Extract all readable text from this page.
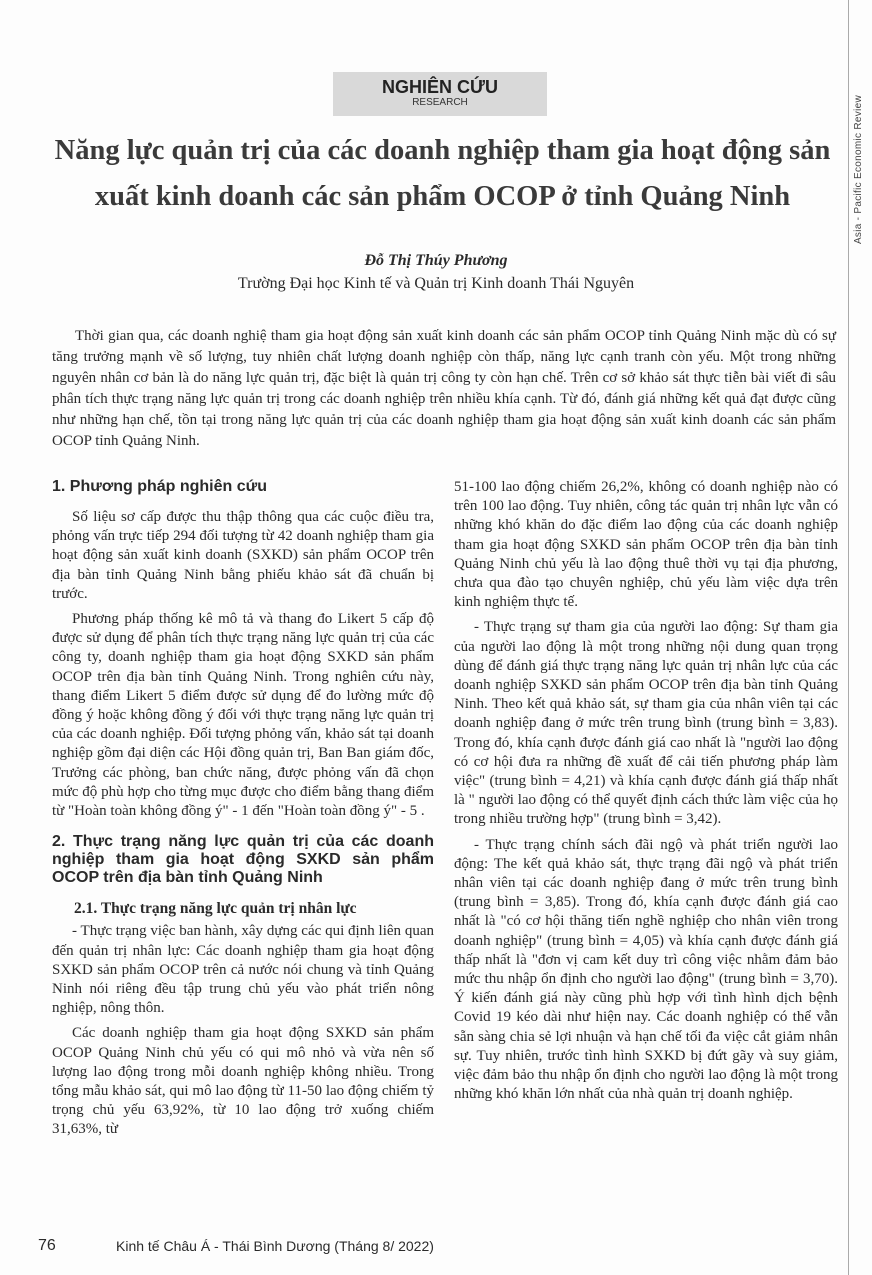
Asia - Pacific Economic Review
NGHIÊN CỨU
RESEARCH
Năng lực quản trị của các doanh nghiệp tham gia hoạt động sản xuất kinh doanh các sản phẩm OCOP ở tỉnh Quảng Ninh
Đỗ Thị Thúy Phương
Trường Đại học Kinh tế và Quản trị Kinh doanh Thái Nguyên

Thời gian qua, các doanh nghiệ tham gia hoạt động sản xuất kinh doanh các sản phẩm OCOP tỉnh Quảng Ninh mặc dù có sự tăng trưởng mạnh về số lượng, tuy nhiên chất lượng doanh nghiệp còn thấp, năng lực cạnh tranh còn yếu. Một trong những nguyên nhân cơ bản là do năng lực quản trị, đặc biệt là quản trị công ty còn hạn chế. Trên cơ sở khảo sát thực tiễn bài viết đi sâu phân tích thực trạng năng lực quản trị trong các doanh nghiệp trên nhiều khía cạnh. Từ đó, đánh giá những kết quả đạt được cũng như những hạn chế, tồn tại trong năng lực quản trị của các doanh nghiệp tham gia hoạt động sản xuất kinh doanh các sản phẩm OCOP tỉnh Quảng Ninh.

1. Phương pháp nghiên cứu

Số liệu sơ cấp được thu thập thông qua các cuộc điều tra, phỏng vấn trực tiếp 294 đối tượng từ 42 doanh nghiệp tham gia hoạt động sản xuất kinh doanh (SXKD) sản phẩm OCOP trên địa bàn tỉnh Quảng Ninh bằng phiếu khảo sát đã chuẩn bị trước.

Phương pháp thống kê mô tả và thang đo Likert 5 cấp độ được sử dụng để phân tích thực trạng năng lực quản trị của các công ty, doanh nghiệp tham gia hoạt động SXKD sản phẩm OCOP trên địa bàn tỉnh Quảng Ninh. Trong nghiên cứu này, thang điểm Likert 5 điểm được sử dụng để đo lường mức độ đồng ý hoặc không đồng ý đối với thực trạng năng lực quản trị của các doanh nghiệp. Đối tượng phỏng vấn, khảo sát tại doanh nghiệp gồm đại diện các Hội đồng quản trị, Ban Ban giám đốc, Trưởng các phòng, ban chức năng, được phỏng vấn đã chọn mức độ phù hợp cho từng mục được cho điểm bằng thang điểm từ "Hoàn toàn không đồng ý" - 1 đến "Hoàn toàn đồng ý" - 5 .

2. Thực trạng năng lực quản trị của các doanh nghiệp tham gia hoạt động SXKD sản phẩm OCOP trên địa bàn tỉnh Quảng Ninh
2.1. Thực trạng năng lực quản trị nhân lực

- Thực trạng việc ban hành, xây dựng các qui định liên quan đến quản trị nhân lực: Các doanh nghiệp tham gia hoạt động SXKD sản phẩm OCOP trên cả nước nói chung và tỉnh Quảng Ninh nói riêng đều tập trung chủ yếu vào phát triển nông nghiệp, nông thôn.

Các doanh nghiệp tham gia hoạt động SXKD sản phẩm OCOP Quảng Ninh chủ yếu có qui mô nhỏ và vừa nên số lượng lao động trong mỗi doanh nghiệp không nhiều. Trong tổng mẫu khảo sát, qui mô lao động từ 11-50 lao động chiếm tỷ trọng chủ yếu 63,92%, từ 10 lao động trở xuống chiếm 31,63%, từ

51-100 lao động chiếm 26,2%, không có doanh nghiệp nào có trên 100 lao động. Tuy nhiên, công tác quản trị nhân lực vẫn có những khó khăn do đặc điểm lao động của các doanh nghiệp tham gia hoạt động SXKD sản phẩm OCOP trên địa bàn tỉnh Quảng Ninh chủ yếu là lao động thuê thời vụ tại địa phương, chưa qua đào tạo chuyên nghiệp, chủ yếu làm việc dựa trên kinh nghiệm thực tế.

- Thực trạng sự tham gia của người lao động: Sự tham gia của người lao động là một trong những nội dung quan trọng dùng để đánh giá thực trạng năng lực quản trị nhân lực của các doanh nghiệp SXKD sản phẩm OCOP trên địa bàn tỉnh Quảng Ninh. Theo kết quả khảo sát, sự tham gia của nhân viên tại các doanh nghiệp đang ở mức trên trung bình (trung bình = 3,83). Trong đó, khía cạnh được đánh giá cao nhất là "người lao động có cơ hội đưa ra những đề xuất để cải tiến phương pháp làm việc" (trung bình = 4,21) và khía cạnh được đánh giá thấp nhất là " người lao động có thể quyết định cách thức làm việc của họ trong nhiều trường hợp" (trung bình = 3,42).

- Thực trạng chính sách đãi ngộ và phát triển người lao động: The kết quả khảo sát, thực trạng đãi ngộ và phát triển nhân viên tại các doanh nghiệp đang ở mức trên trung bình (trung bình = 3,85). Trong đó, khía cạnh được đánh giá cao nhất là "có cơ hội thăng tiến nghề nghiệp cho nhân viên trong doanh nghiệp" (trung bình = 4,05) và khía cạnh được đánh giá thấp nhất là "đơn vị cam kết duy trì công việc nhằm đảm bảo mức thu nhập ổn định cho người lao động" (trung bình = 3,70). Ý kiến đánh giá này cũng phù hợp với tình hình dịch bệnh Covid 19 kéo dài như hiện nay. Các doanh nghiệp có thể vẫn sẵn sàng chia sẻ lợi nhuận và hạn chế tối đa việc cắt giảm nhân sự. Tuy nhiên, trước tình hình SXKD bị đứt gãy và suy giảm, việc đảm bảo thu nhập ổn định cho người lao động là một trong những khó khăn lớn nhất của nhà quản trị doanh nghiệp.

76	Kinh tế Châu Á - Thái Bình Dương (Tháng 8/ 2022)
